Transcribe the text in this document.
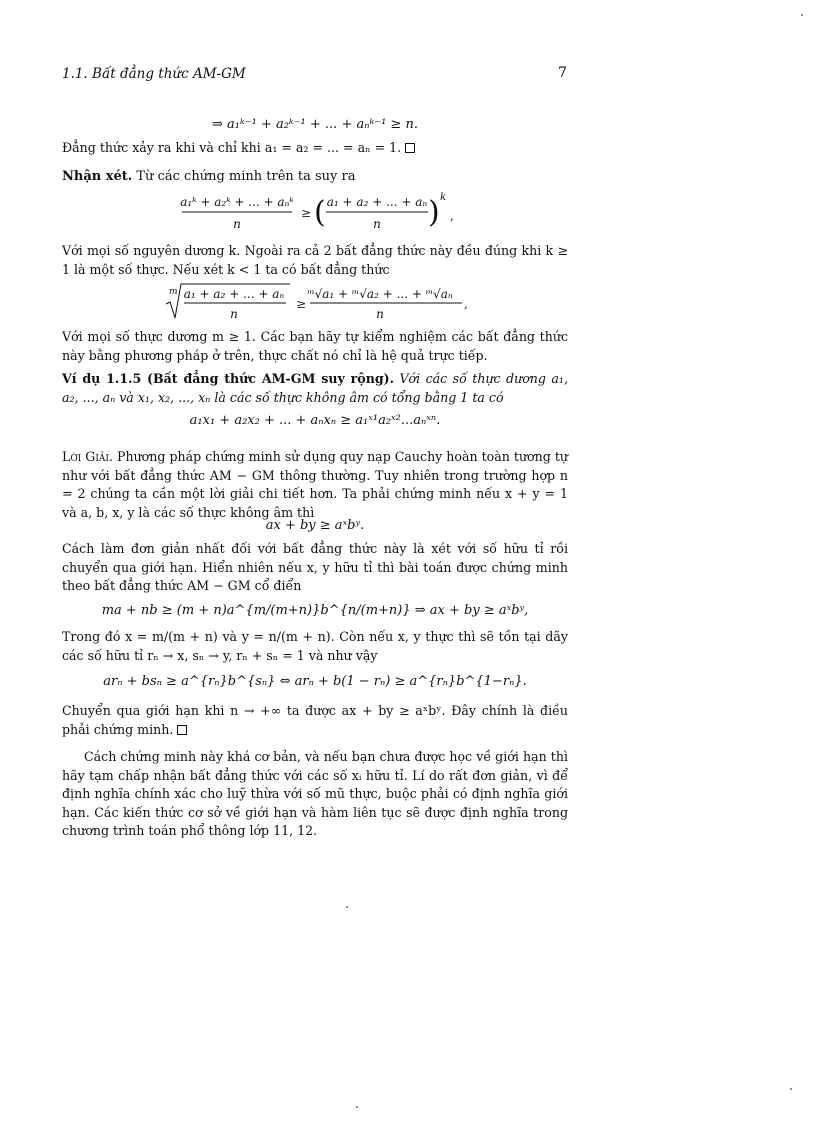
1.1. Bất đẳng thức AM-GM	7
⇒ a₁ᵏ⁻¹ + a₂ᵏ⁻¹ + ... + aₙᵏ⁻¹ ≥ n.
Đẳng thức xảy ra khi và chỉ khi a₁ = a₂ = ... = aₙ = 1.
Nhận xét. Từ các chứng minh trên ta suy ra
a₁ᵏ + a₂ᵏ + ... + aₙᵏ
n
≥ ( a₁ + a₂ + ... + aₙ
n ) k
,
Với mọi số nguyên dương k. Ngoài ra cả 2 bất đẳng thức này đều đúng khi k ≥ 1 là một số thực. Nếu xét k < 1 ta có bất đẳng thức
m a₁ + a₂ + ... + aₙ
n
≥
ᵐ√a₁ + ᵐ√a₂ + ... + ᵐ√aₙ
n
,
Với mọi số thực dương m ≥ 1. Các bạn hãy tự kiểm nghiệm các bất đẳng thức này bằng phương pháp ở trên, thực chất nó chỉ là hệ quả trực tiếp.
Ví dụ 1.1.5 (Bất đẳng thức AM-GM suy rộng). Với các số thực dương a₁, a₂, ..., aₙ và x₁, x₂, ..., xₙ là các số thực không âm có tổng bằng 1 ta có
a₁x₁ + a₂x₂ + ... + aₙxₙ ≥ a₁ˣ¹a₂ˣ²...aₙˣⁿ.
Lời Giải. Phương pháp chứng minh sử dụng quy nạp Cauchy hoàn toàn tương tự như với bất đẳng thức AM − GM thông thường. Tuy nhiên trong trường hợp n = 2 chúng ta cần một lời giải chi tiết hơn. Ta phải chứng minh nếu x + y = 1 và a, b, x, y là các số thực không âm thì
ax + by ≥ aˣbʸ.
Cách làm đơn giản nhất đối với bất đẳng thức này là xét với số hữu tỉ rồi chuyển qua giới hạn. Hiển nhiên nếu x, y hữu tỉ thì bài toán được chứng minh theo bất đẳng thức AM − GM cổ điển
ma + nb ≥ (m + n)a^{m/(m+n)}b^{n/(m+n)} ⇒ ax + by ≥ aˣbʸ,
Trong đó x = m/(m + n) và y = n/(m + n). Còn nếu x, y thực thì sẽ tồn tại dãy các số hữu tỉ rₙ → x, sₙ → y, rₙ + sₙ = 1 và như vậy
arₙ + bsₙ ≥ a^{rₙ}b^{sₙ} ⇔ arₙ + b(1 − rₙ) ≥ a^{rₙ}b^{1−rₙ}.
Chuyển qua giới hạn khi n → +∞ ta được ax + by ≥ aˣbʸ. Đây chính là điều phải chứng minh.
Cách chứng minh này khá cơ bản, và nếu bạn chưa được học về giới hạn thì hãy tạm chấp nhận bất đẳng thức với các số xᵢ hữu tỉ. Lí do rất đơn giản, vì để định nghĩa chính xác cho luỹ thừa với số mũ thực, buộc phải có định nghĩa giới hạn. Các kiến thức cơ sở về giới hạn và hàm liên tục sẽ được định nghĩa trong chương trình toán phổ thông lớp 11, 12.
